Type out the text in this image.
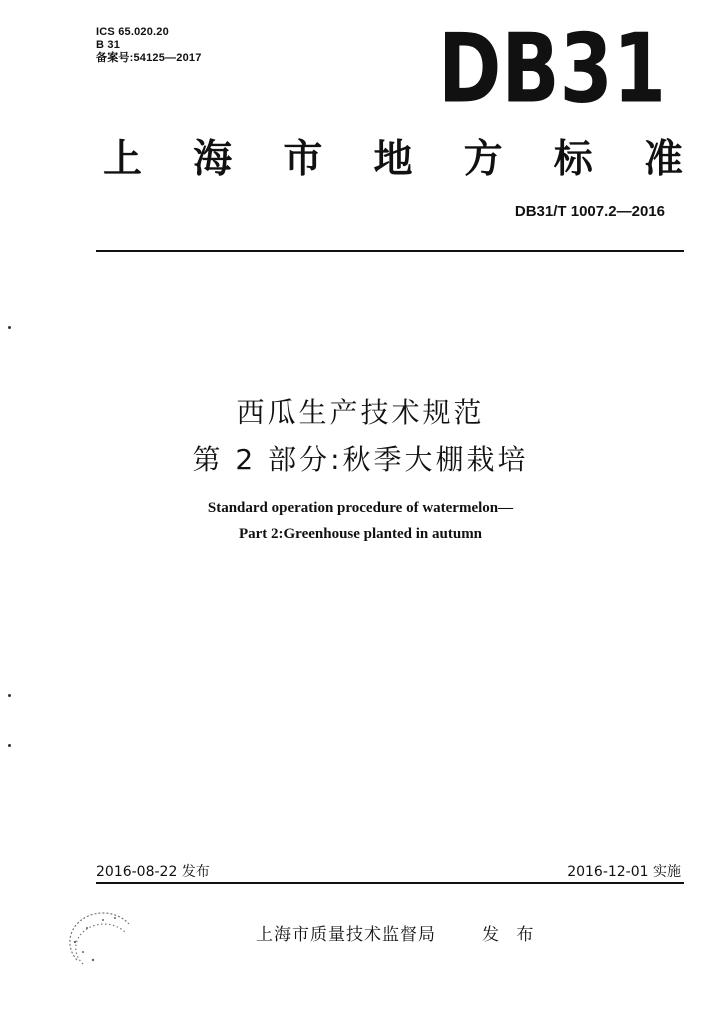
ICS 65.020.20
B 31
备案号:54125—2017 DB31
上 海 市 地 方 标 准
DB31/T 1007.2—2016
西瓜生产技术规范
第 2 部分:秋季大棚栽培
Standard operation procedure of watermelon—
Part 2:Greenhouse planted in autumn
2016-08-22 发布	2016-12-01 实施
上海市质量技术监督局	发 布
